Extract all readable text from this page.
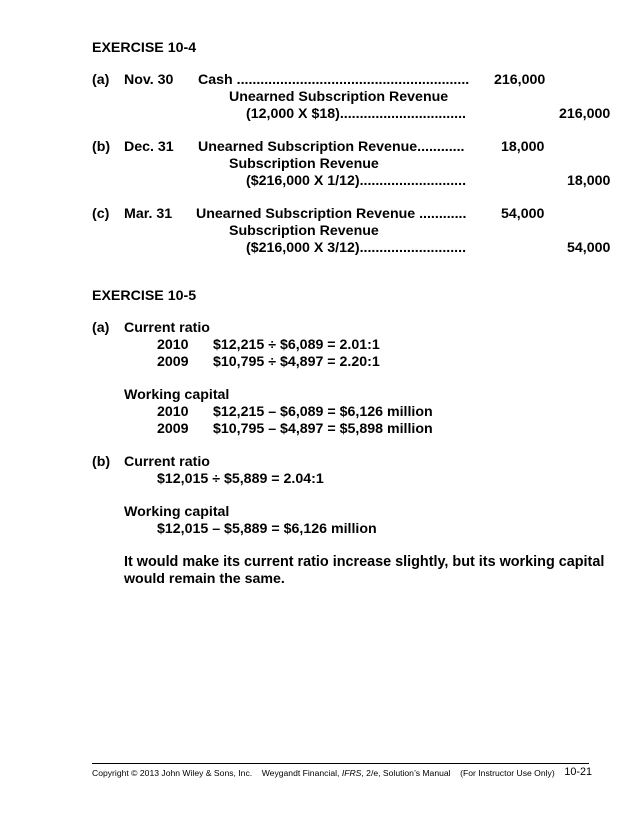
EXERCISE 10-4
(a) Nov. 30 Cash ........................................................... 216,000
Unearned Subscription Revenue
(12,000 X $18)................................	216,000
(b) Dec. 31 Unearned Subscription Revenue............	18,000
Subscription Revenue
($216,000 X 1/12)...........................	18,000
(c) Mar. 31 Unearned Subscription Revenue ............ 54,000
Subscription Revenue
($216,000 X 3/12)...........................	54,000
EXERCISE 10-5
(a) Current ratio
2010 $12,215 ÷ $6,089 = 2.01:1
2009 $10,795 ÷ $4,897 = 2.20:1
Working capital
2010 $12,215 – $6,089 = $6,126 million
2009 $10,795 – $4,897 = $5,898 million
(b) Current ratio
$12,015 ÷ $5,889 = 2.04:1
Working capital
$12,015 – $5,889 = $6,126 million
It would make its current ratio increase slightly, but its working capital
would remain the same.
Copyright © 2013 John Wiley & Sons, Inc. Weygandt Financial, IFRS, 2/e, Solution’s Manual (For Instructor Use Only) 10-21
